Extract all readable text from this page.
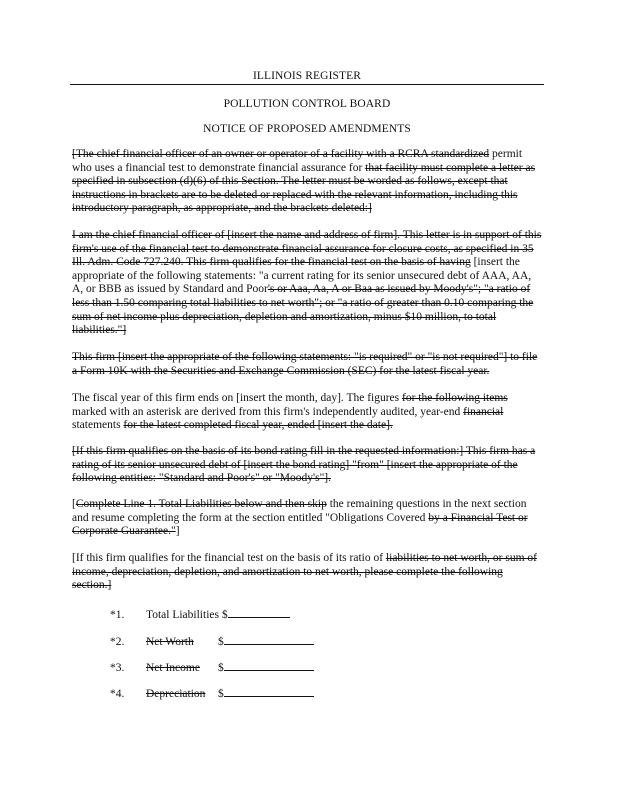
ILLINOIS REGISTER
POLLUTION CONTROL BOARD
NOTICE OF PROPOSED AMENDMENTS
[The chief financial officer of an owner or operator of a facility with a RCRA standardized permit who uses a financial test to demonstrate financial assurance for that facility must complete a letter as specified in subsection (d)(6) of this Section. The letter must be worded as follows, except that instructions in brackets are to be deleted or replaced with the relevant information, including this introductory paragraph, as appropriate, and the brackets deleted:]
I am the chief financial officer of [insert the name and address of firm]. This letter is in support of this firm's use of the financial test to demonstrate financial assurance for closure costs, as specified in 35 Ill. Adm. Code 727.240. This firm qualifies for the financial test on the basis of having [insert the appropriate of the following statements: "a current rating for its senior unsecured debt of AAA, AA, A, or BBB as issued by Standard and Poor's or Aaa, Aa, A or Baa as issued by Moody's"; "a ratio of less than 1.50 comparing total liabilities to net worth"; or "a ratio of greater than 0.10 comparing the sum of net income plus depreciation, depletion and amortization, minus $10 million, to total liabilities."]
This firm [insert the appropriate of the following statements: "is required" or "is not required"] to file a Form 10K with the Securities and Exchange Commission (SEC) for the latest fiscal year.
The fiscal year of this firm ends on [insert the month, day]. The figures for the following items marked with an asterisk are derived from this firm's independently audited, year-end financial statements for the latest completed fiscal year, ended [insert the date].
[If this firm qualifies on the basis of its bond rating fill in the requested information:] This firm has a rating of its senior unsecured debt of [insert the bond rating] "from" [insert the appropriate of the following entities: "Standard and Poor's" or "Moody's"].
[Complete Line 1. Total Liabilities below and then skip the remaining questions in the next section and resume completing the form at the section entitled "Obligations Covered by a Financial Test or Corporate Guarantee."]
[If this firm qualifies for the financial test on the basis of its ratio of liabilities to net worth, or sum of income, depreciation, depletion, and amortization to net worth, please complete the following section.]
*1. Total Liabilities $
*2. Net Worth $
*3. Net Income $
*4. Depreciation $
